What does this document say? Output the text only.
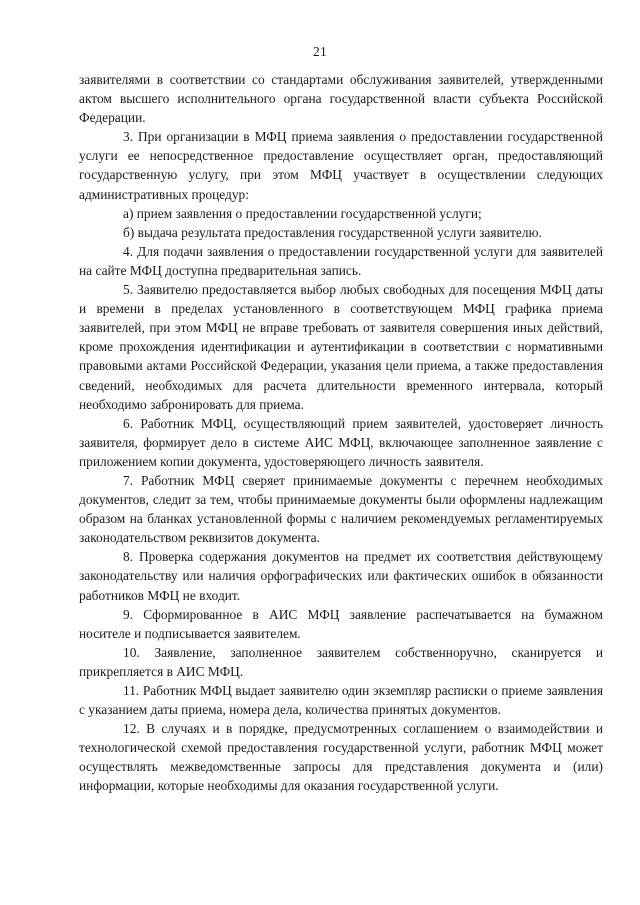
21

заявителями в соответствии со стандартами обслуживания заявителей, утвержденными актом высшего исполнительного органа государственной власти субъекта Российской Федерации.

3. При организации в МФЦ приема заявления о предоставлении государственной услуги ее непосредственное предоставление осуществляет орган, предоставляющий государственную услугу, при этом МФЦ участвует в осуществлении следующих административных процедур:

а) прием заявления о предоставлении государственной услуги;

б) выдача результата предоставления государственной услуги заявителю.

4. Для подачи заявления о предоставлении государственной услуги для заявителей на сайте МФЦ доступна предварительная запись.

5. Заявителю предоставляется выбор любых свободных для посещения МФЦ даты и времени в пределах установленного в соответствующем МФЦ графика приема заявителей, при этом МФЦ не вправе требовать от заявителя совершения иных действий, кроме прохождения идентификации и аутентификации в соответствии с нормативными правовыми актами Российской Федерации, указания цели приема, а также предоставления сведений, необходимых для расчета длительности временного интервала, который необходимо забронировать для приема.

6. Работник МФЦ, осуществляющий прием заявителей, удостоверяет личность заявителя, формирует дело в системе АИС МФЦ, включающее заполненное заявление с приложением копии документа, удостоверяющего личность заявителя.

7. Работник МФЦ сверяет принимаемые документы с перечнем необходимых документов, следит за тем, чтобы принимаемые документы были оформлены надлежащим образом на бланках установленной формы с наличием рекомендуемых регламентируемых законодательством реквизитов документа.

8. Проверка содержания документов на предмет их соответствия действующему законодательству или наличия орфографических или фактических ошибок в обязанности работников МФЦ не входит.

9. Сформированное в АИС МФЦ заявление распечатывается на бумажном носителе и подписывается заявителем.

10. Заявление, заполненное заявителем собственноручно, сканируется и прикрепляется в АИС МФЦ.

11. Работник МФЦ выдает заявителю один экземпляр расписки о приеме заявления с указанием даты приема, номера дела, количества принятых документов.

12. В случаях и в порядке, предусмотренных соглашением о взаимодействии и технологической схемой предоставления государственной услуги, работник МФЦ может осуществлять межведомственные запросы для представления документа и (или) информации, которые необходимы для оказания государственной услуги.
